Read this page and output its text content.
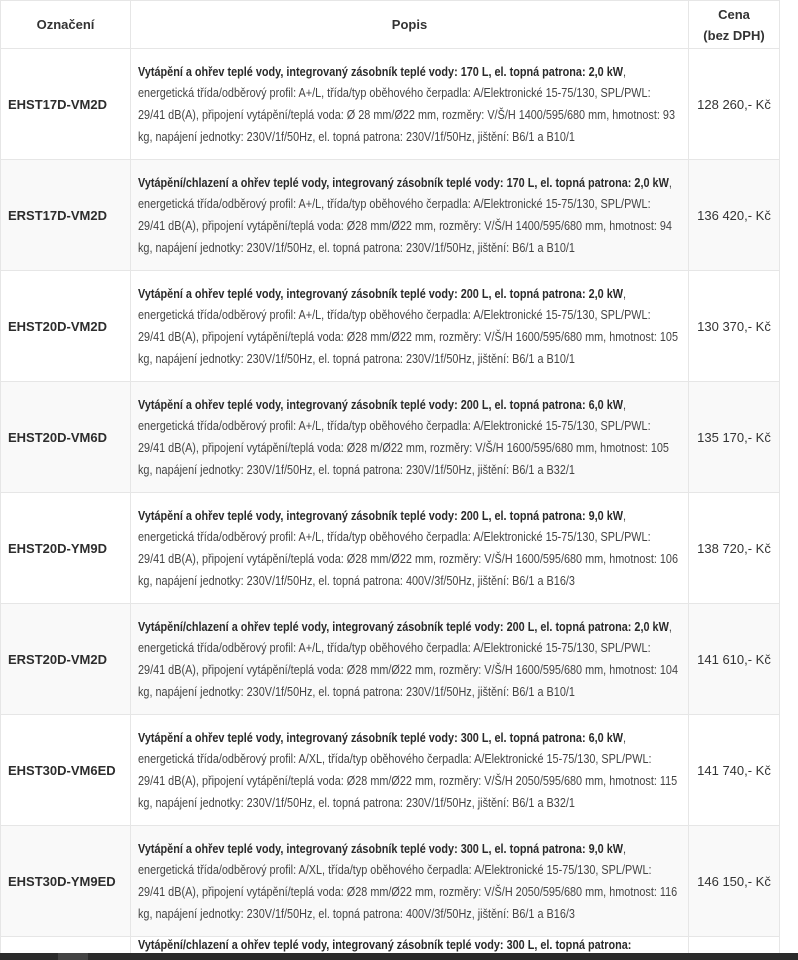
Označení	Popis	Cena
(bez DPH)
EHST17D-VM2D	Vytápění a ohřev teplé vody, integrovaný zásobník teplé vody: 170 L, el. topná patrona: 2,0 kW, energetická třída/odběrový profil: A+/L, třída/typ oběhového čerpadla: A/Elektronické 15-75/130, SPL/PWL: 29/41 dB(A), připojení vytápění/teplá voda: Ø 28 mm/Ø22 mm, rozměry: V/Š/H 1400/595/680 mm, hmotnost: 93 kg, napájení jednotky: 230V/1f/50Hz, el. topná patrona: 230V/1f/50Hz, jištění: B6/1 a B10/1	128 260,- Kč
ERST17D-VM2D	Vytápění/chlazení a ohřev teplé vody, integrovaný zásobník teplé vody: 170 L, el. topná patrona: 2,0 kW, energetická třída/odběrový profil: A+/L, třída/typ oběhového čerpadla: A/Elektronické 15-75/130, SPL/PWL: 29/41 dB(A), připojení vytápění/teplá voda: Ø28 mm/Ø22 mm, rozměry: V/Š/H 1400/595/680 mm, hmotnost: 94 kg, napájení jednotky: 230V/1f/50Hz, el. topná patrona: 230V/1f/50Hz, jištění: B6/1 a B10/1	136 420,- Kč
EHST20D-VM2D	Vytápění a ohřev teplé vody, integrovaný zásobník teplé vody: 200 L, el. topná patrona: 2,0 kW, energetická třída/odběrový profil: A+/L, třída/typ oběhového čerpadla: A/Elektronické 15-75/130, SPL/PWL: 29/41 dB(A), připojení vytápění/teplá voda: Ø28 mm/Ø22 mm, rozměry: V/Š/H 1600/595/680 mm, hmotnost: 105 kg, napájení jednotky: 230V/1f/50Hz, el. topná patrona: 230V/1f/50Hz, jištění: B6/1 a B10/1	130 370,- Kč
EHST20D-VM6D	Vytápění a ohřev teplé vody, integrovaný zásobník teplé vody: 200 L, el. topná patrona: 6,0 kW, energetická třída/odběrový profil: A+/L, třída/typ oběhového čerpadla: A/Elektronické 15-75/130, SPL/PWL: 29/41 dB(A), připojení vytápění/teplá voda: Ø28 m/Ø22 mm, rozměry: V/Š/H 1600/595/680 mm, hmotnost: 105 kg, napájení jednotky: 230V/1f/50Hz, el. topná patrona: 230V/1f/50Hz, jištění: B6/1 a B32/1	135 170,- Kč
EHST20D-YM9D	Vytápění a ohřev teplé vody, integrovaný zásobník teplé vody: 200 L, el. topná patrona: 9,0 kW, energetická třída/odběrový profil: A+/L, třída/typ oběhového čerpadla: A/Elektronické 15-75/130, SPL/PWL: 29/41 dB(A), připojení vytápění/teplá voda: Ø28 mm/Ø22 mm, rozměry: V/Š/H 1600/595/680 mm, hmotnost: 106 kg, napájení jednotky: 230V/1f/50Hz, el. topná patrona: 400V/3f/50Hz, jištění: B6/1 a B16/3	138 720,- Kč
ERST20D-VM2D	Vytápění/chlazení a ohřev teplé vody, integrovaný zásobník teplé vody: 200 L, el. topná patrona: 2,0 kW, energetická třída/odběrový profil: A+/L, třída/typ oběhového čerpadla: A/Elektronické 15-75/130, SPL/PWL: 29/41 dB(A), připojení vytápění/teplá voda: Ø28 mm/Ø22 mm, rozměry: V/Š/H 1600/595/680 mm, hmotnost: 104 kg, napájení jednotky: 230V/1f/50Hz, el. topná patrona: 230V/1f/50Hz, jištění: B6/1 a B10/1	141 610,- Kč
EHST30D-VM6ED	Vytápění a ohřev teplé vody, integrovaný zásobník teplé vody: 300 L, el. topná patrona: 6,0 kW, energetická třída/odběrový profil: A/XL, třída/typ oběhového čerpadla: A/Elektronické 15-75/130, SPL/PWL: 29/41 dB(A), připojení vytápění/teplá voda: Ø28 mm/Ø22 mm, rozměry: V/Š/H 2050/595/680 mm, hmotnost: 115 kg, napájení jednotky: 230V/1f/50Hz, el. topná patrona: 230V/1f/50Hz, jištění: B6/1 a B32/1	141 740,- Kč
EHST30D-YM9ED	Vytápění a ohřev teplé vody, integrovaný zásobník teplé vody: 300 L, el. topná patrona: 9,0 kW, energetická třída/odběrový profil: A/XL, třída/typ oběhového čerpadla: A/Elektronické 15-75/130, SPL/PWL: 29/41 dB(A), připojení vytápění/teplá voda: Ø28 mm/Ø22 mm, rozměry: V/Š/H 2050/595/680 mm, hmotnost: 116 kg, napájení jednotky: 230V/1f/50Hz, el. topná patrona: 400V/3f/50Hz, jištění: B6/1 a B16/3	146 150,- Kč

	Vytápění/chlazení a ohřev teplé vody, integrovaný zásobník teplé vody: 300 L, el. topná patrona:	
